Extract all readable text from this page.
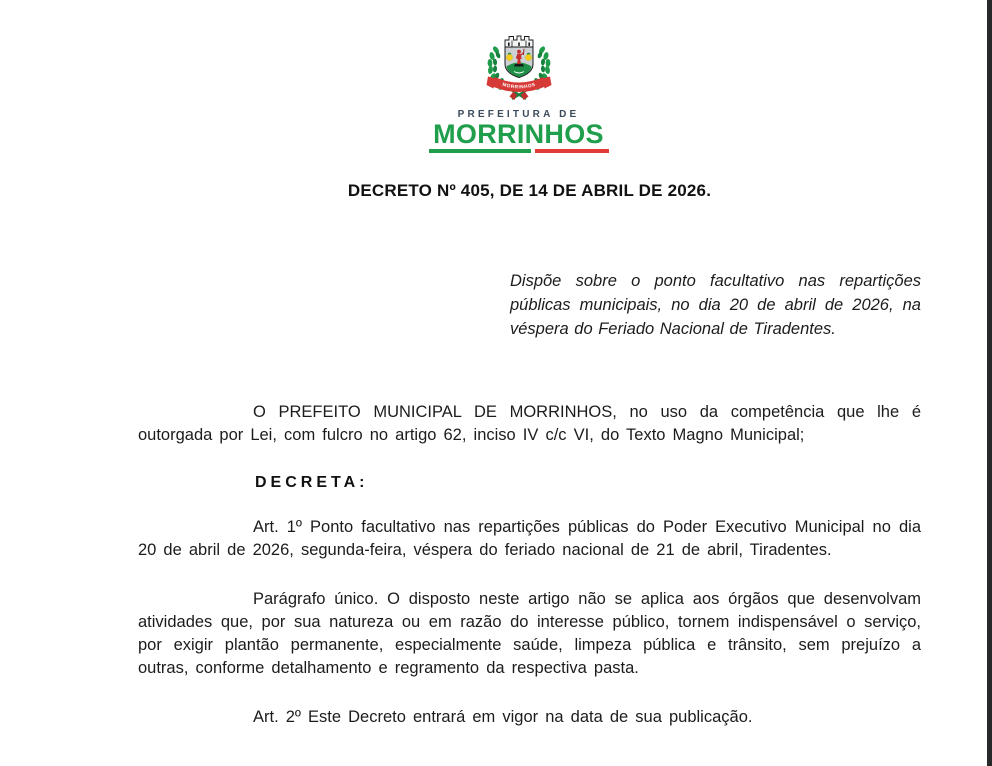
MORRINHOS
PREFEITURA DE
MORRINHOS
DECRETO Nº 405, DE 14 DE ABRIL DE 2026.
Dispõe sobre o ponto facultativo nas repartições públicas municipais, no dia 20 de abril de 2026, na véspera do Feriado Nacional de Tiradentes.
O PREFEITO MUNICIPAL DE MORRINHOS, no uso da competência que lhe é outorgada por Lei, com fulcro no artigo 62, inciso IV c/c VI, do Texto Magno Municipal;
DECRETA:
Art. 1º Ponto facultativo nas repartições públicas do Poder Executivo Municipal no dia 20 de abril de 2026, segunda-feira, véspera do feriado nacional de 21 de abril, Tiradentes.
Parágrafo único. O disposto neste artigo não se aplica aos órgãos que desenvolvam atividades que, por sua natureza ou em razão do interesse público, tornem indispensável o serviço, por exigir plantão permanente, especialmente saúde, limpeza pública e trânsito, sem prejuízo a outras, conforme detalhamento e regramento da respectiva pasta.
Art. 2º Este Decreto entrará em vigor na data de sua publicação.
